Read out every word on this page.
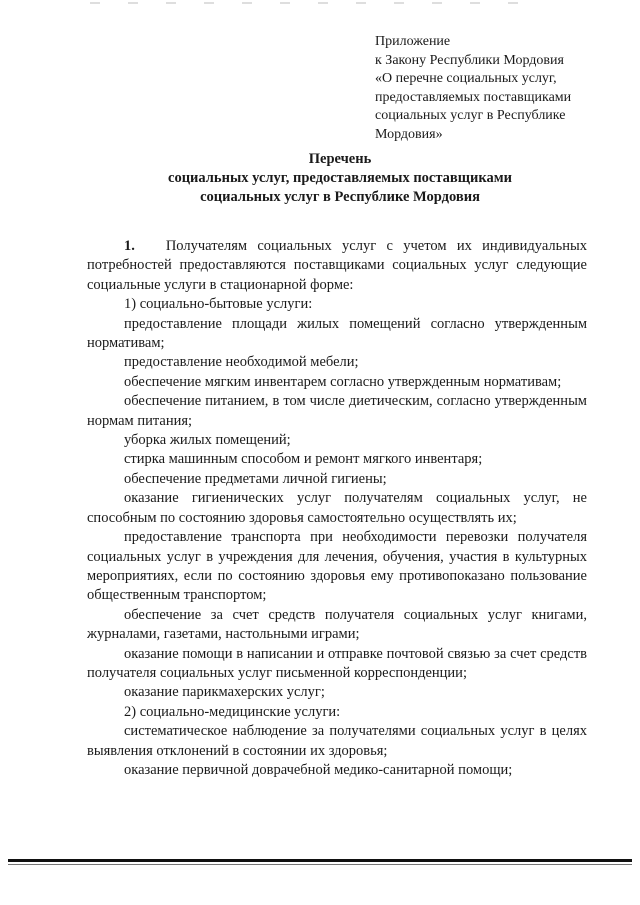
Приложение
к Закону Республики Мордовия
«О перечне социальных услуг,
предоставляемых поставщиками
социальных услуг в Республике
Мордовия»
Перечень
социальных услуг, предоставляемых поставщиками
социальных услуг в Республике Мордовия

1. Получателям социальных услуг с учетом их индивидуальных потребностей предоставляются поставщиками социальных услуг следующие социальные услуги в стационарной форме:

1) социально-бытовые услуги:

предоставление площади жилых помещений согласно утвержденным нормативам;

предоставление необходимой мебели;

обеспечение мягким инвентарем согласно утвержденным нормативам;

обеспечение питанием, в том числе диетическим, согласно утвержденным нормам питания;

уборка жилых помещений;

стирка машинным способом и ремонт мягкого инвентаря;

обеспечение предметами личной гигиены;

оказание гигиенических услуг получателям социальных услуг, не способным по состоянию здоровья самостоятельно осуществлять их;

предоставление транспорта при необходимости перевозки получателя социальных услуг в учреждения для лечения, обучения, участия в культурных мероприятиях, если по состоянию здоровья ему противопоказано пользование общественным транспортом;

обеспечение за счет средств получателя социальных услуг книгами, журналами, газетами, настольными играми;

оказание помощи в написании и отправке почтовой связью за счет средств получателя социальных услуг письменной корреспонденции;

оказание парикмахерских услуг;

2) социально-медицинские услуги:

систематическое наблюдение за получателями социальных услуг в целях выявления отклонений в состоянии их здоровья;

оказание первичной доврачебной медико-санитарной помощи;
